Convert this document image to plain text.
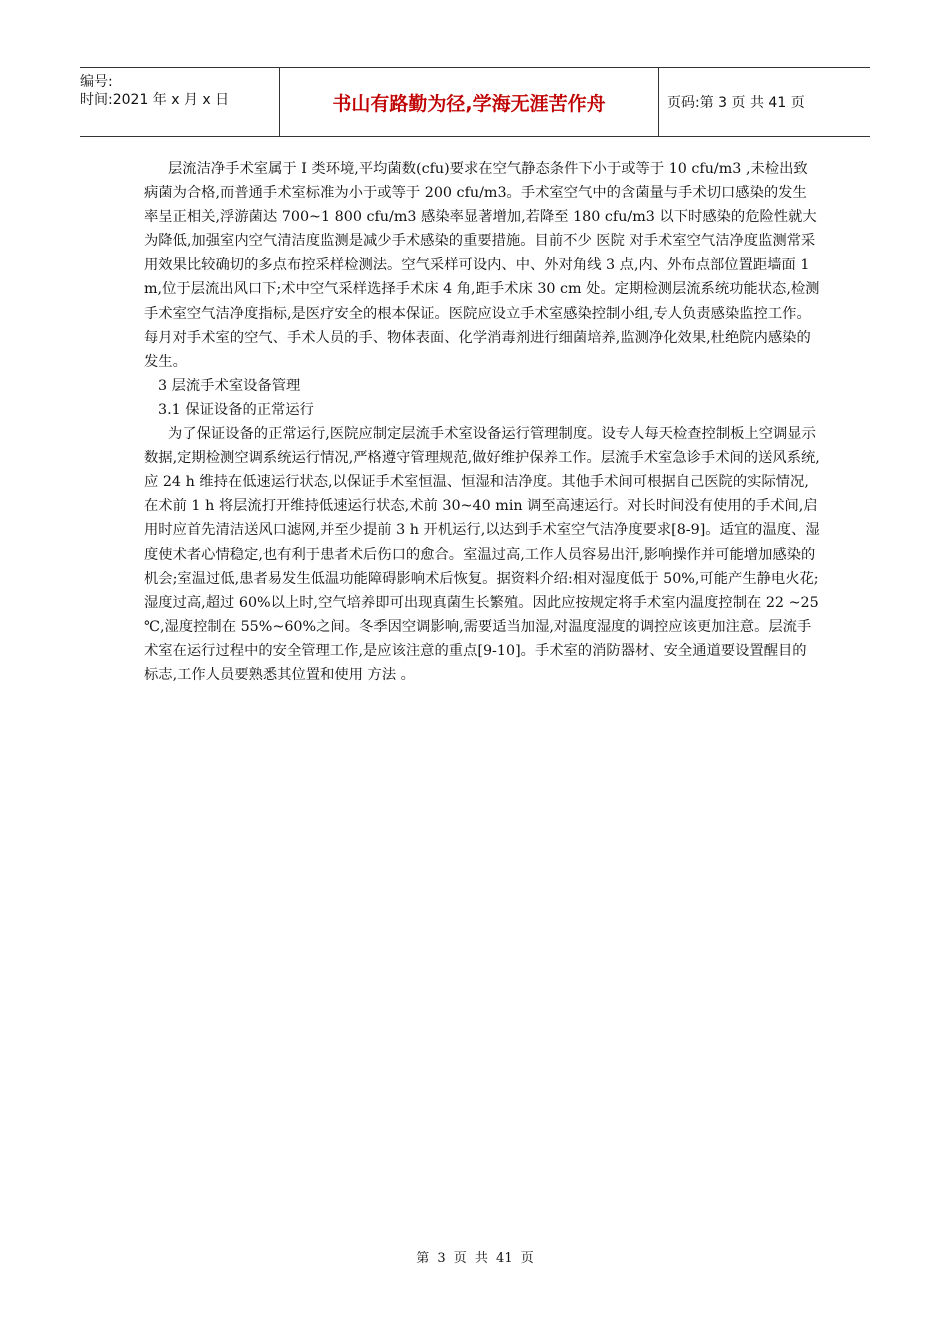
编号:
时间:2021 年 x 月 x 日	书山有路勤为径,学海无涯苦作舟	页码:第 3 页 共 41 页

层流洁净手术室属于 I 类环境,平均菌数(cfu)要求在空气静态条件下小于或等于 10 cfu/m3 ,未检出致病菌为合格,而普通手术室标准为小于或等于 200 cfu/m3。手术室空气中的含菌量与手术切口感染的发生率呈正相关,浮游菌达 700~1 800 cfu/m3 感染率显著增加,若降至 180 cfu/m3 以下时感染的危险性就大为降低,加强室内空气清洁度监测是减少手术感染的重要措施。目前不少 医院 对手术室空气洁净度监测常采用效果比较确切的多点布控采样检测法。空气采样可设内、中、外对角线 3 点,内、外布点部位置距墙面 1 m,位于层流出风口下;术中空气采样选择手术床 4 角,距手术床 30 cm 处。定期检测层流系统功能状态,检测手术室空气洁净度指标,是医疗安全的根本保证。医院应设立手术室感染控制小组,专人负责感染监控工作。每月对手术室的空气、手术人员的手、物体表面、化学消毒剂进行细菌培养,监测净化效果,杜绝院内感染的发生。

3 层流手术室设备管理

3.1 保证设备的正常运行

为了保证设备的正常运行,医院应制定层流手术室设备运行管理制度。设专人每天检查控制板上空调显示数据,定期检测空调系统运行情况,严格遵守管理规范,做好维护保养工作。层流手术室急诊手术间的送风系统,应 24 h 维持在低速运行状态,以保证手术室恒温、恒湿和洁净度。其他手术间可根据自己医院的实际情况,在术前 1 h 将层流打开维持低速运行状态,术前 30~40 min 调至高速运行。对长时间没有使用的手术间,启用时应首先清洁送风口滤网,并至少提前 3 h 开机运行,以达到手术室空气洁净度要求[8-9]。适宜的温度、湿度使术者心情稳定,也有利于患者术后伤口的愈合。室温过高,工作人员容易出汗,影响操作并可能增加感染的机会;室温过低,患者易发生低温功能障碍影响术后恢复。据资料介绍:相对湿度低于 50%,可能产生静电火花;湿度过高,超过 60%以上时,空气培养即可出现真菌生长繁殖。因此应按规定将手术室内温度控制在 22 ~25 ℃,湿度控制在 55%~60%之间。冬季因空调影响,需要适当加湿,对温度湿度的调控应该更加注意。层流手术室在运行过程中的安全管理工作,是应该注意的重点[9-10]。手术室的消防器材、安全通道要设置醒目的标志,工作人员要熟悉其位置和使用 方法 。

第 3 页 共 41 页
